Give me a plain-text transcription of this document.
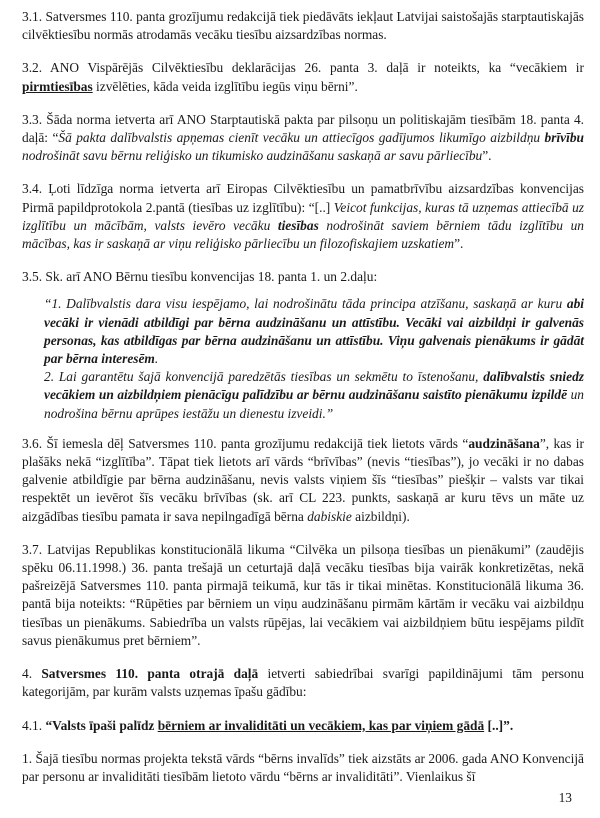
3.1. Satversmes 110. panta grozījumu redakcijā tiek piedāvāts iekļaut Latvijai saistošajās starptautiskajās cilvēktiesību normās atrodamās vecāku tiesību aizsardzības normas.

3.2. ANO Vispārējās Cilvēktiesību deklarācijas 26. panta 3. daļā ir noteikts, ka “vecākiem ir pirmtiesības izvēlēties, kāda veida izglītību iegūs viņu bērni”.

3.3. Šāda norma ietverta arī ANO Starptautiskā pakta par pilsoņu un politiskajām tiesībām 18. panta 4. daļā: “Šā pakta dalībvalstis apņemas cienīt vecāku un attiecīgos gadījumos likumīgo aizbildņu brīvību nodrošināt savu bērnu reliģisko un tikumisko audzināšanu saskaņā ar savu pārliecību”.

3.4. Ļoti līdzīga norma ietverta arī Eiropas Cilvēktiesību un pamatbrīvību aizsardzības konvencijas Pirmā papildprotokola 2.pantā (tiesības uz izglītību): “[..] Veicot funkcijas, kuras tā uzņemas attiecībā uz izglītību un mācībām, valsts ievēro vecāku tiesības nodrošināt saviem bērniem tādu izglītību un mācības, kas ir saskaņā ar viņu reliģisko pārliecību un filozofiskajiem uzskatiem”.

3.5. Sk. arī ANO Bērnu tiesību konvencijas 18. panta 1. un 2.daļu:

“1. Dalībvalstis dara visu iespējamo, lai nodrošinātu tāda principa atzīšanu, saskaņā ar kuru abi vecāki ir vienādi atbildīgi par bērna audzināšanu un attīstību. Vecāki vai aizbildņi ir galvenās personas, kas atbildīgas par bērna audzināšanu un attīstību. Viņu galvenais pienākums ir gādāt par bērna interesēm.

2. Lai garantētu šajā konvencijā paredzētās tiesības un sekmētu to īstenošanu, dalībvalstis sniedz vecākiem un aizbildņiem pienācīgu palīdzību ar bērnu audzināšanu saistīto pienākumu izpildē un nodrošina bērnu aprūpes iestāžu un dienestu izveidi.”

3.6. Šī iemesla dēļ Satversmes 110. panta grozījumu redakcijā tiek lietots vārds “audzināšana”, kas ir plašāks nekā “izglītība”. Tāpat tiek lietots arī vārds “brīvības” (nevis “tiesības”), jo vecāki ir no dabas galvenie atbildīgie par bērna audzināšanu, nevis valsts viņiem šīs “tiesības” piešķir – valsts var tikai respektēt un ievērot šīs vecāku brīvības (sk. arī CL 223. punkts, saskaņā ar kuru tēvs un māte uz aizgādības tiesību pamata ir sava nepilngadīgā bērna dabiskie aizbildņi).

3.7. Latvijas Republikas konstitucionālā likuma “Cilvēka un pilsoņa tiesības un pienākumi” (zaudējis spēku 06.11.1998.) 36. panta trešajā un ceturtajā daļā vecāku tiesības bija vairāk konkretizētas, nekā pašreizējā Satversmes 110. panta pirmajā teikumā, kur tās ir tikai minētas. Konstitucionālā likuma 36. pantā bija noteikts: “Rūpēties par bērniem un viņu audzināšanu pirmām kārtām ir vecāku vai aizbildņu tiesības un pienākums. Sabiedrība un valsts rūpējas, lai vecākiem vai aizbildņiem būtu iespējams pildīt savus pienākumus pret bērniem”.

4. Satversmes 110. panta otrajā daļā ietverti sabiedrībai svarīgi papildinājumi tām personu kategorijām, par kurām valsts uzņemas īpašu gādību:

4.1. “Valsts īpaši palīdz bērniem ar invaliditāti un vecākiem, kas par viņiem gādā [..]”.

1. Šajā tiesību normas projekta tekstā vārds “bērns invalīds” tiek aizstāts ar 2006. gada ANO Konvencijā par personu ar invaliditāti tiesībām lietoto vārdu “bērns ar invaliditāti”. Vienlaikus šī

13
